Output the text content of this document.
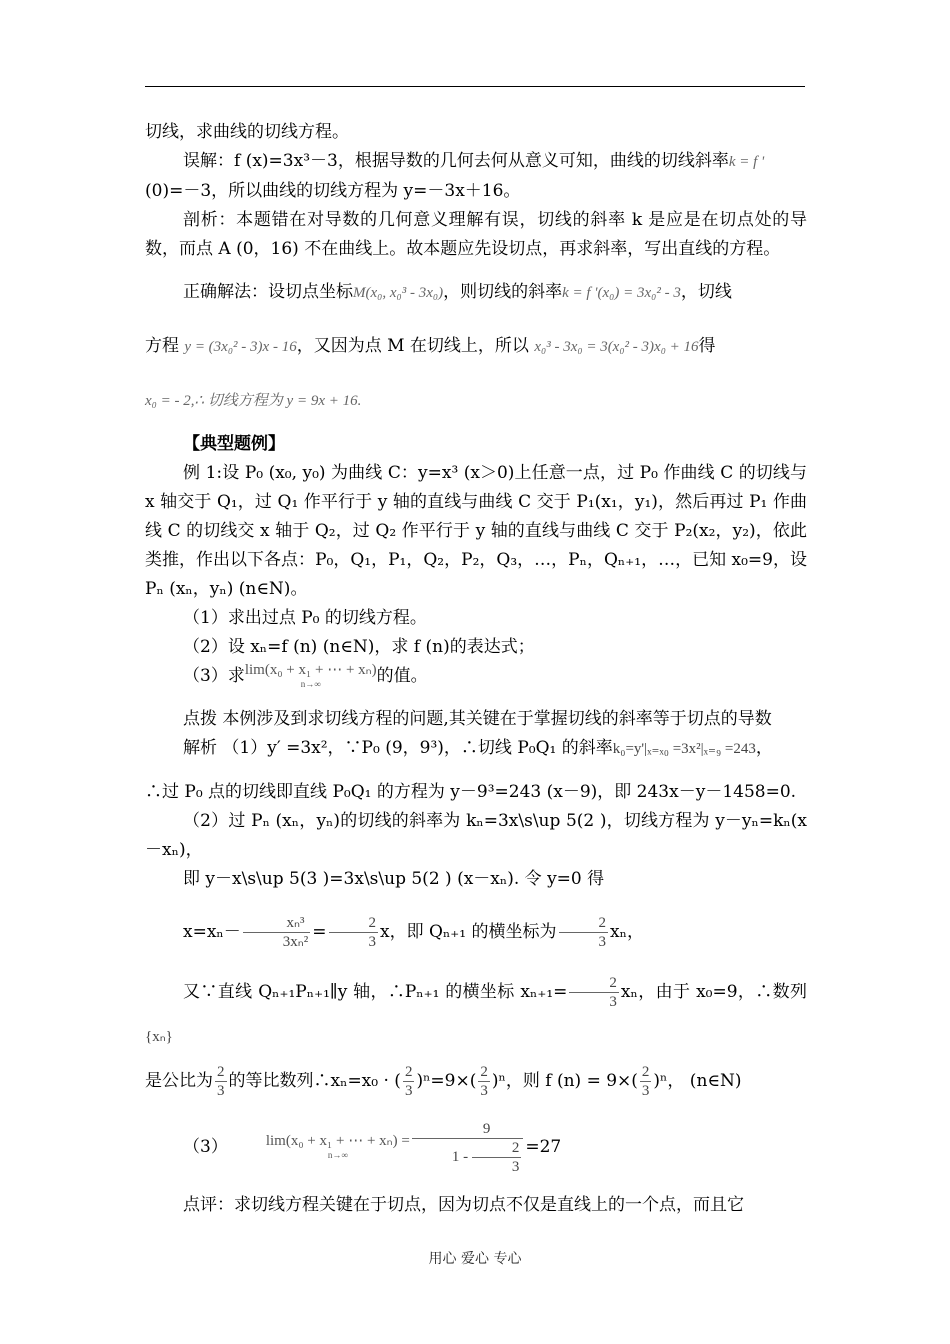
切线，求曲线的切线方程。

误解：f (x)=3x³－3，根据导数的几何去何从意义可知，曲线的切线斜率k = f '

(0)=－3，所以曲线的切线方程为 y=－3x＋16。

剖析：本题错在对导数的几何意义理解有误，切线的斜率 k 是应是在切点处的导数，而点 A (0，16) 不在曲线上。故本题应先设切点，再求斜率，写出直线的方程。

正确解法：设切点坐标M(x₀, x₀³ - 3x₀)，则切线的斜率k = f '(x₀) = 3x₀² - 3，切线

方程 y = (3x₀² - 3)x - 16，又因为点 M 在切线上，所以 x₀³ - 3x₀ = 3(x₀² - 3)x₀ + 16得

x₀ = - 2,∴ 切线方程为 y = 9x + 16.

【典型题例】

例 1:设 P₀ (x₀, y₀) 为曲线 C：y=x³ (x＞0)上任意一点，过 P₀ 作曲线 C 的切线与 x 轴交于 Q₁，过 Q₁ 作平行于 y 轴的直线与曲线 C 交于 P₁(x₁，y₁)，然后再过 P₁ 作曲线 C 的切线交 x 轴于 Q₂，过 Q₂ 作平行于 y 轴的直线与曲线 C 交于 P₂(x₂，y₂)，依此类推，作出以下各点：P₀，Q₁，P₁，Q₂，P₂，Q₃，…，Pₙ，Qₙ₊₁，…，已知 x₀=9，设 Pₙ (xₙ，yₙ) (n∈N)。

（1）求出过点 P₀ 的切线方程。

（2）设 xₙ=f (n) (n∈N)，求 f (n)的表达式；

（3）求lim(x₀ + x₁ + ⋯ + xₙ)
n→∞	的值。

点拨 本例涉及到求切线方程的问题,其关键在于掌握切线的斜率等于切点的导数

解析 （1）y′ =3x²，∵P₀ (9，9³)，∴切线 P₀Q₁ 的斜率k₀=y'|ₓ₌ₓ₀ =3x²|ₓ₌₉ =243，

∴过 P₀ 点的切线即直线 P₀Q₁ 的方程为 y－9³=243 (x－9)，即 243x－y－1458=0.

（2）过 Pₙ (xₙ，yₙ)的切线的斜率为 kₙ=3x\s\up 5(2 )，切线方程为 y－yₙ=kₙ(x－xₙ)，

即 y－x\s\up 5(3 )=3x\s\up 5(2 ) (x－xₙ). 令 y=0 得

$x=x_n- \frac{\text{xₙ³}}{\text{3xₙ²}} = \frac{2}{3}$ x，即 Qₙ₊₁ 的横坐标为 $\frac{2}{3}$ xₙ，

又∵直线 Qₙ₊₁Pₙ₊₁∥y 轴，∴Pₙ₊₁ 的横坐标 $x_{n+1}= \frac{2}{3}$ xₙ，由于 x₀=9，∴数列{xₙ}

是公比为 $\frac{2}{3}$ 的等比数列∴xₙ=x₀ · ( $\frac{2}{3} )^n=9\times( \frac{2}{3} )^n$，则 f $(n) = 9\times( \frac{2}{3} )^n$， (n∈N)

（3）	lim(x₀ + x₁ + ⋯ + xₙ) =
n→∞	$\frac{9}{1 - \frac{2}{3}} =27$

点评：求切线方程关键在于切点，因为切点不仅是直线上的一个点，而且它

用心 爱心 专心
